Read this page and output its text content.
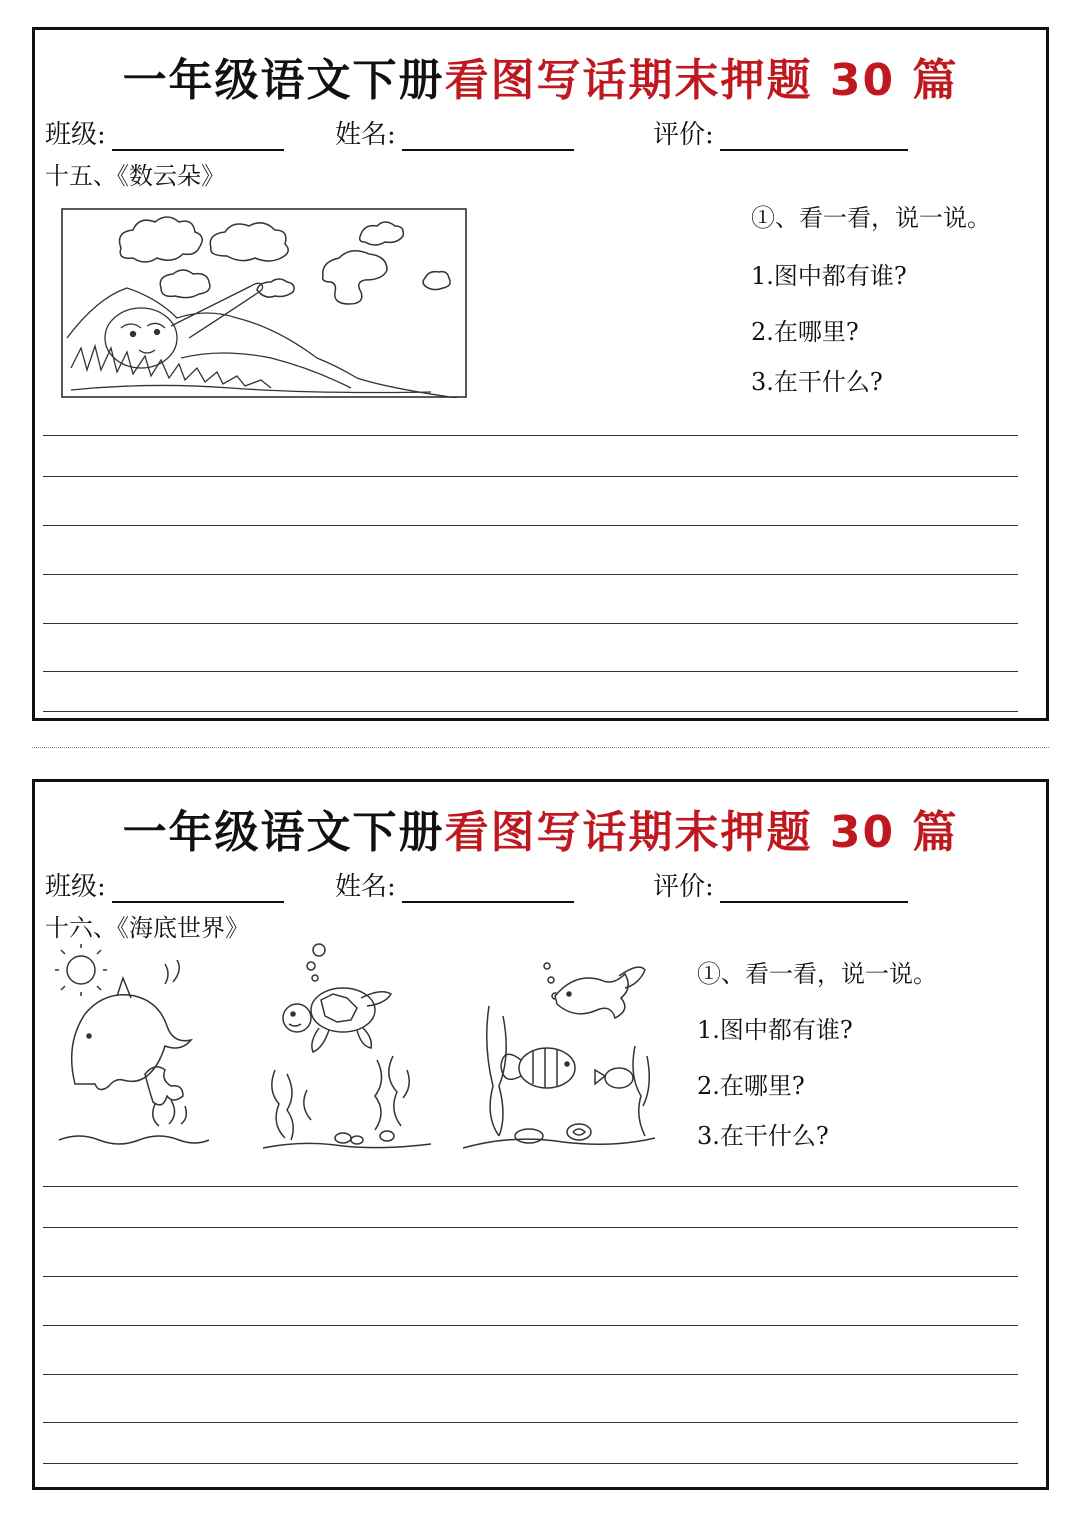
一年级语文下册看图写话期末押题 30 篇
班级:	姓名:	评价:
十五、《数云朵》
①、看一看，说一说。
1.图中都有谁?
2.在哪里?
3.在干什么?
一年级语文下册看图写话期末押题 30 篇
班级:	姓名:	评价:
十六、《海底世界》
①、看一看，说一说。
1.图中都有谁?
2.在哪里?
3.在干什么?
